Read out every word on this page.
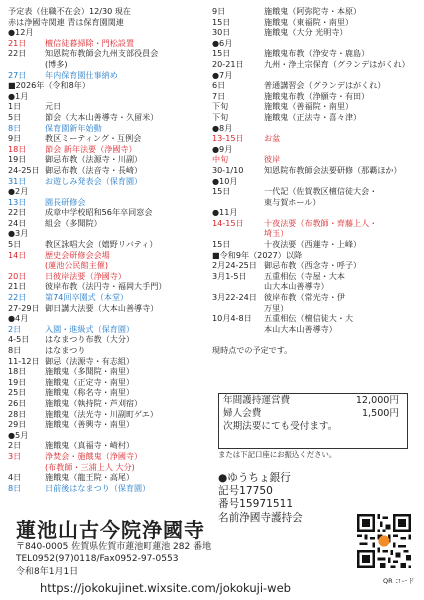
予定表（住職不在会）12/30 現在
赤は浄國寺関連 青は保育園関連
●12月
21日 檀信徒暮掃除・門松設置
22日 知恩院布教師会九州支部役員会
(博多)
27日 年内保育園仕事納め
■2026年（令和8年）
●1月
1日	元日
5日	節会（大本山善導寺・久留米）
8日	保育園新年始動
9日	教区ミーティング・互例会
18日 節会 新年法要（浄國寺）
19日 御忌布教（法源寺・川副）
24-25日 御忌布教（法音寺・長崎）
31日 お遊しみ発表会（保育園）
●2月
13日 園長研修会
22日 成章中学校昭和56年卒同窓会
24日 組会（多聞院）
●3月
5日	教区詠唱大会（嬉野リバティ）
14日 歴史会研修会会場
(蓮池公民館主催)
20日 日彼岸法要（浄國寺）
21日 彼岸布教（法円寺・福岡大手門）
22日 第74回卒園式（本堂）
27-29日 御日講大法要（大本山善導寺）
●4月
2日	入園・進級式（保育園）
4-5日 はなまつり布教（大分）
8日	はなまつり
11-12日 御忌（法源寺・有志組）
18日 施餓鬼（多聞院・南里）
19日 施餓鬼（正定寺・南里）
25日 施餓鬼（称名寺・南里）
26日 施餓鬼（執持院・芦刈宿）
28日 施餓鬼（法光寺・川副町ゲエ）
29日 施餓鬼（善興寺・南里）
●5月
2日	施餓鬼（真福寺・崎村）
3日	浄焚会・施餓鬼（浄國寺）
(布教師・三浦上人 大分)
4日	施餓鬼（龍王院・高尾）
8日	日前後はなまつり（保育園）
9日	施餓鬼（阿弥陀寺・本原）
15日	施餓鬼（東福院・南里）
30日	施餓鬼（大分 光明寺）
●6月
15日	施餓鬼布教（浄安寺・鹿島）
20-21日	九州・浄土宗保育（グランデはがくれ）
●7月
6日	普通講習会（グランデはがくれ）
7日	施餓鬼布教（浄願寺・有田）
下旬	施餓鬼（善福院・南里）
下旬	施餓鬼（正法寺・喜々津）
●8月
13-15日	お盆
●9月
中旬	彼岸
30-1/10	知恩院布教師会法要研修（那覇ほか）
●10月
15日	一代記（佐賀教区檀信徒大会・
東与賀ホール）
●11月
14-15日	十夜法要（布教師・齊藤上人・
埼玉）
15日	十夜法要（西蓮寺・上峰）
■令和9年（2027）以降
2月24-25日 御忌布教（西念寺・呼子）
3月1-5日 五重相伝（寺屋・大本
山大本山善導寺）
3月22-24日 彼岸布教（常光寺・伊
万里）
10月4-8日 五重相伝（檀信徒大・大
本山大本山善導寺）
現時点での予定です。
年間護持運営費	12,000円
婦人会費	1,500円
次期法要にても受付ます。
または下記口座にお振込ください。
●ゆうちょ銀行
記号17750
番号15971511
名前浄國寺護持会
蓮池山古今院浄國寺
〒840-0005 佐賀県佐賀市蓮池町蓮池 282 番地
TEL0952(97)0118/Fax0952-97-0553
令和8年1月1日
https://jokokujinet.wixsite.com/jokokuji-web	QR コード
